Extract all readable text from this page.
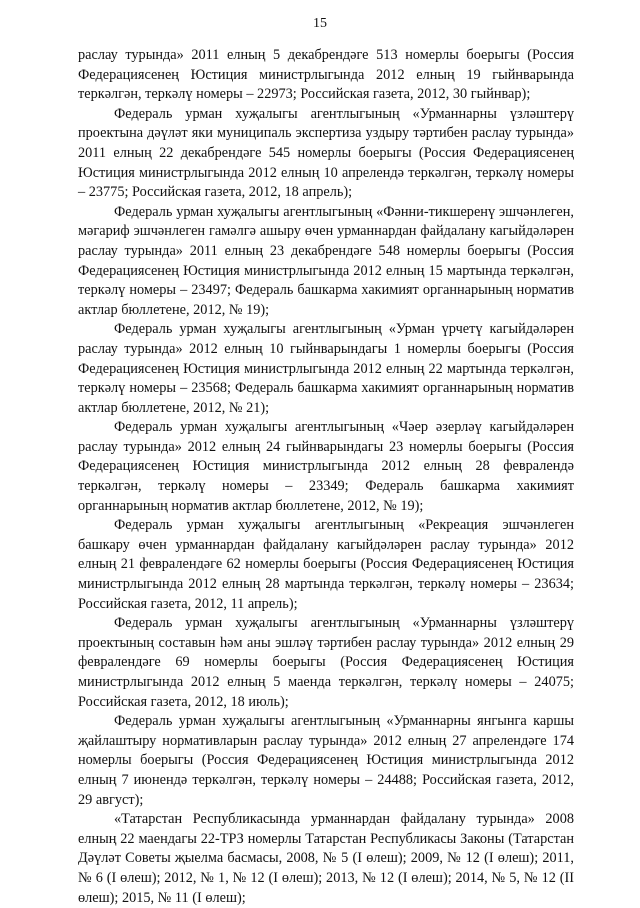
15

раслау турында» 2011 елның 5 декабрендәге 513 номерлы боерыгы (Россия Федерациясенең Юстиция министрлыгында 2012 елның 19 гыйнварында теркәлгән, теркәлү номеры – 22973; Российская газета, 2012, 30 гыйнвар);

Федераль урман хуҗалыгы агентлыгының «Урманнарны үзләштерү проектына дәүләт яки муниципаль экспертиза уздыру тәртибен раслау турында» 2011 елның 22 декабрендәге 545 номерлы боерыгы (Россия Федерациясенең Юстиция министрлыгында 2012 елның 10 апрелендә теркәлгән, теркәлү номеры – 23775; Российская газета, 2012, 18 апрель);

Федераль урман хуҗалыгы агентлыгының «Фәнни-тикшеренү эшчәнлеген, мәгариф эшчәнлеген гамәлгә ашыру өчен урманнардан файдалану кагыйдәләрен раслау турында» 2011 елның 23 декабрендәге 548 номерлы боерыгы (Россия Федерациясенең Юстиция министрлыгында 2012 елның 15 мартында теркәлгән, теркәлү номеры – 23497; Федераль башкарма хакимият органнарының норматив актлар бюллетене, 2012, № 19);

Федераль урман хуҗалыгы агентлыгының «Урман үрчетү кагыйдәләрен раслау турында» 2012 елның 10 гыйнварындагы 1 номерлы боерыгы (Россия Федерациясенең Юстиция министрлыгында 2012 елның 22 мартында теркәлгән, теркәлү номеры – 23568; Федераль башкарма хакимият органнарының норматив актлар бюллетене, 2012, № 21);

Федераль урман хуҗалыгы агентлыгының «Чәер әзерләү кагыйдәләрен раслау турында» 2012 елның 24 гыйнварындагы 23 номерлы боерыгы (Россия Федерациясенең Юстиция министрлыгында 2012 елның 28 февралендә теркәлгән, теркәлү номеры – 23349; Федераль башкарма хакимият органнарының норматив актлар бюллетене, 2012, № 19);

Федераль урман хуҗалыгы агентлыгының «Рекреация эшчәнлеген башкару өчен урманнардан файдалану кагыйдәләрен раслау турында» 2012 елның 21 февралендәге 62 номерлы боерыгы (Россия Федерациясенең Юстиция министрлыгында 2012 елның 28 мартында теркәлгән, теркәлү номеры – 23634; Российская газета, 2012, 11 апрель);

Федераль урман хуҗалыгы агентлыгының «Урманнарны үзләштерү проектының составын һәм аны эшләү тәртибен раслау турында» 2012 елның 29 февралендәге 69 номерлы боерыгы (Россия Федерациясенең Юстиция министрлыгында 2012 елның 5 маенда теркәлгән, теркәлү номеры – 24075; Российская газета, 2012, 18 июль);

Федераль урман хуҗалыгы агентлыгының «Урманнарны янгынга каршы җайлаштыру нормативларын раслау турында» 2012 елның 27 апрелендәге 174 номерлы боерыгы (Россия Федерациясенең Юстиция министрлыгында 2012 елның 7 июнендә теркәлгән, теркәлү номеры – 24488; Российская газета, 2012, 29 август);

«Татарстан Республикасында урманнардан файдалану турында» 2008 елның 22 маендагы 22-ТРЗ номерлы Татарстан Республикасы Законы (Татарстан Дәүләт Советы җыелма басмасы, 2008, № 5 (I өлеш); 2009, № 12 (I өлеш); 2011, № 6 (I өлеш); 2012, № 1, № 12 (I өлеш); 2013, № 12 (I өлеш); 2014, № 5, № 12 (II өлеш); 2015, № 11 (I өлеш);
